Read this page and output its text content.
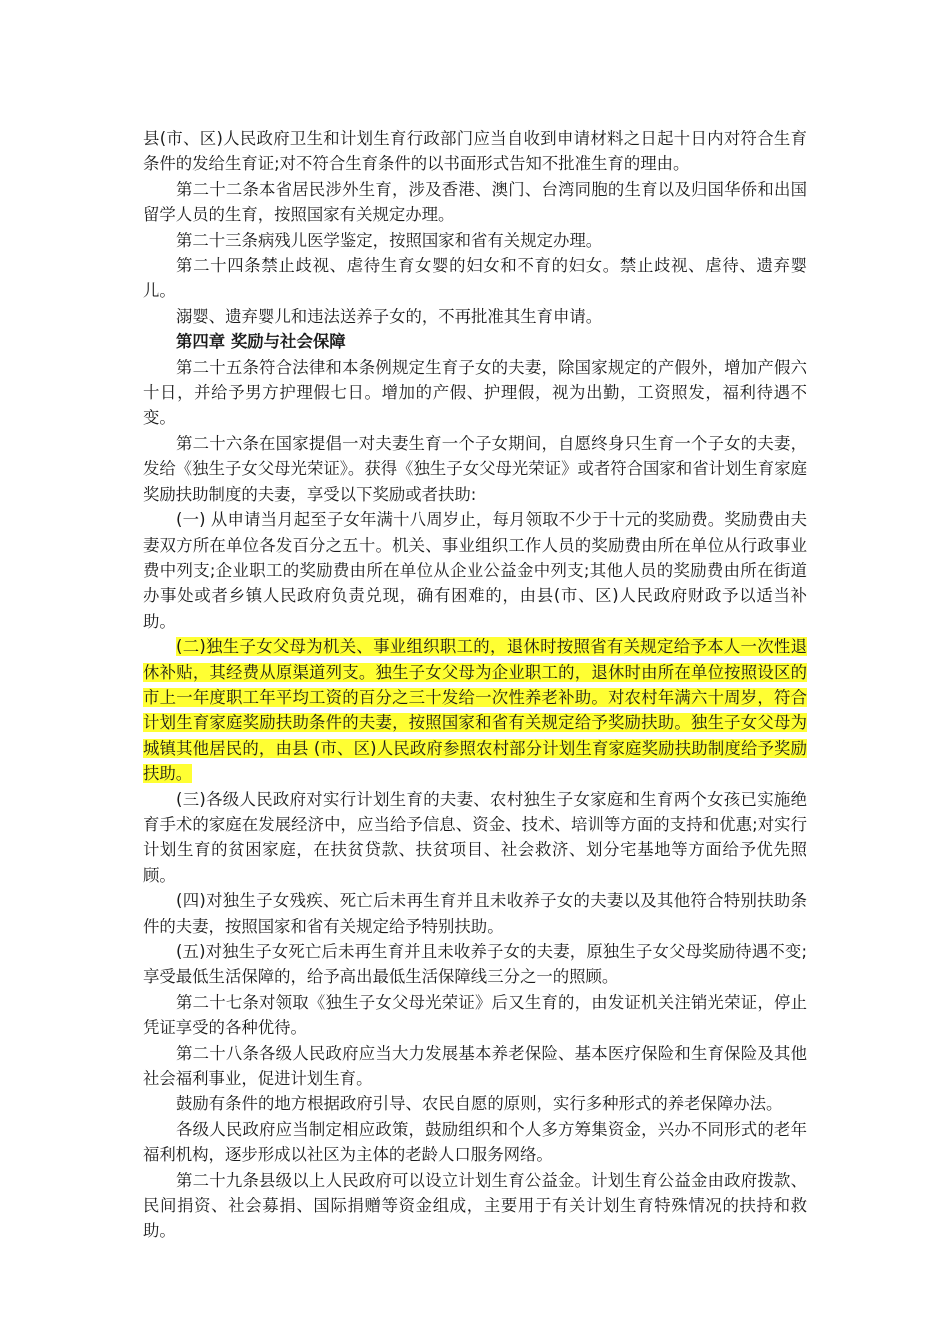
县(市、区)人民政府卫生和计划生育行政部门应当自收到申请材料之日起十日内对符合生育条件的发给生育证;对不符合生育条件的以书面形式告知不批准生育的理由。

第二十二条本省居民涉外生育，涉及香港、澳门、台湾同胞的生育以及归国华侨和出国留学人员的生育，按照国家有关规定办理。

第二十三条病残儿医学鉴定，按照国家和省有关规定办理。

第二十四条禁止歧视、虐待生育女婴的妇女和不育的妇女。禁止歧视、虐待、遗弃婴儿。

溺婴、遗弃婴儿和违法送养子女的，不再批准其生育申请。

第四章 奖励与社会保障

第二十五条符合法律和本条例规定生育子女的夫妻，除国家规定的产假外，增加产假六十日，并给予男方护理假七日。增加的产假、护理假，视为出勤，工资照发，福利待遇不变。

第二十六条在国家提倡一对夫妻生育一个子女期间，自愿终身只生育一个子女的夫妻，发给《独生子女父母光荣证》。获得《独生子女父母光荣证》或者符合国家和省计划生育家庭奖励扶助制度的夫妻，享受以下奖励或者扶助:

(一) 从申请当月起至子女年满十八周岁止，每月领取不少于十元的奖励费。奖励费由夫妻双方所在单位各发百分之五十。机关、事业组织工作人员的奖励费由所在单位从行政事业费中列支;企业职工的奖励费由所在单位从企业公益金中列支;其他人员的奖励费由所在街道办事处或者乡镇人民政府负责兑现，确有困难的，由县(市、区)人民政府财政予以适当补助。

(二)独生子女父母为机关、事业组织职工的，退休时按照省有关规定给予本人一次性退休补贴，其经费从原渠道列支。独生子女父母为企业职工的，退休时由所在单位按照设区的市上一年度职工年平均工资的百分之三十发给一次性养老补助。对农村年满六十周岁，符合计划生育家庭奖励扶助条件的夫妻，按照国家和省有关规定给予奖励扶助。独生子女父母为城镇其他居民的，由县 (市、区)人民政府参照农村部分计划生育家庭奖励扶助制度给予奖励扶助。

(三)各级人民政府对实行计划生育的夫妻、农村独生子女家庭和生育两个女孩已实施绝育手术的家庭在发展经济中，应当给予信息、资金、技术、培训等方面的支持和优惠;对实行计划生育的贫困家庭，在扶贫贷款、扶贫项目、社会救济、划分宅基地等方面给予优先照顾。

(四)对独生子女残疾、死亡后未再生育并且未收养子女的夫妻以及其他符合特别扶助条件的夫妻，按照国家和省有关规定给予特别扶助。

(五)对独生子女死亡后未再生育并且未收养子女的夫妻，原独生子女父母奖励待遇不变;享受最低生活保障的，给予高出最低生活保障线三分之一的照顾。

第二十七条对领取《独生子女父母光荣证》后又生育的，由发证机关注销光荣证，停止凭证享受的各种优待。

第二十八条各级人民政府应当大力发展基本养老保险、基本医疗保险和生育保险及其他社会福利事业，促进计划生育。

鼓励有条件的地方根据政府引导、农民自愿的原则，实行多种形式的养老保障办法。

各级人民政府应当制定相应政策，鼓励组织和个人多方筹集资金，兴办不同形式的老年福利机构，逐步形成以社区为主体的老龄人口服务网络。

第二十九条县级以上人民政府可以设立计划生育公益金。计划生育公益金由政府拨款、民间捐资、社会募捐、国际捐赠等资金组成，主要用于有关计划生育特殊情况的扶持和救助。
